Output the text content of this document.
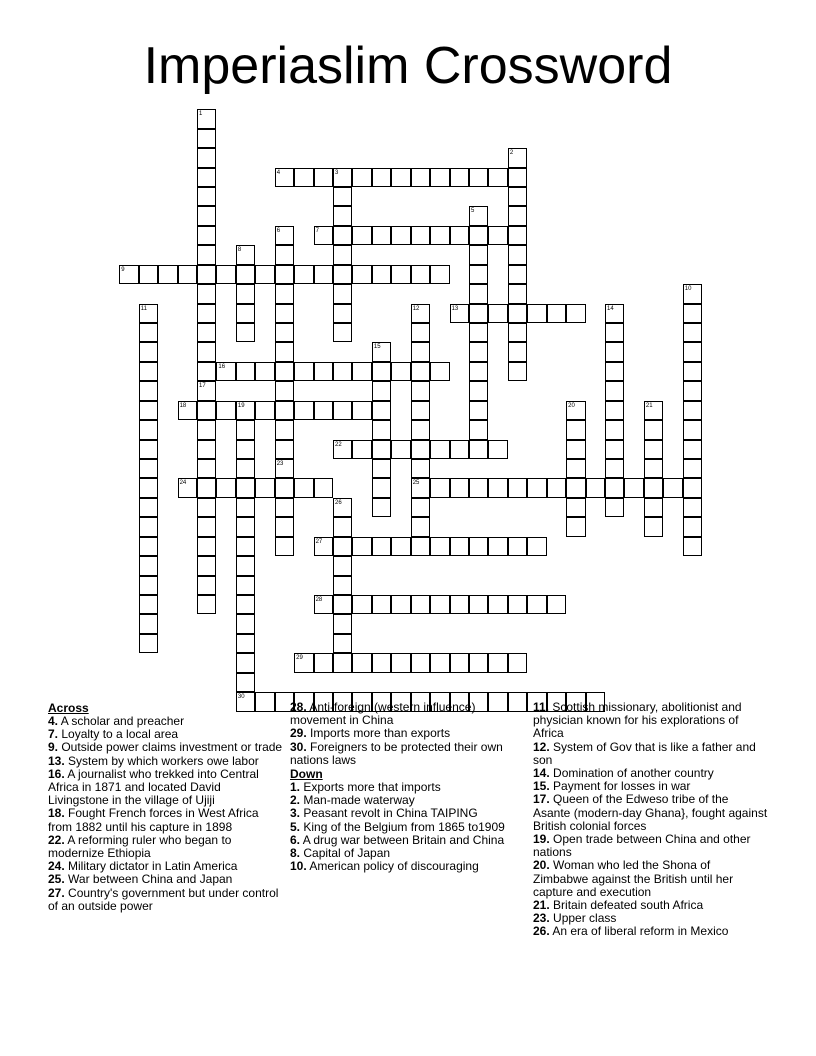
Imperiaslim Crossword
4
7
9
13
16
18
22
24	25
27
28
29
30
1
2
3
5
6
8
10
11	12	14
15
17
19	20	21
23
26
Across
4. A scholar and preacher
7. Loyalty to a local area
9. Outside power claims investment or trade
13. System by which workers owe labor
16. A journalist who trekked into Central Africa in 1871 and located David Livingstone in the village of Ujiji
18. Fought French forces in West Africa from 1882 until his capture in 1898
22. A reforming ruler who began to modernize Ethiopia
24. Military dictator in Latin America
25. War between China and Japan
27. Country's government but under control of an outside power
28. Anti-foreign (western influence) movement in China
29. Imports more than exports
30. Foreigners to be protected their own nations laws
Down
1. Exports more that imports
2. Man-made waterway
3. Peasant revolt in China TAIPING
5. King of the Belgium from 1865 to1909
6. A drug war between Britain and China
8. Capital of Japan
10. American policy of discouraging
11. Scottish missionary, abolitionist and physician known for his explorations of Africa
12. System of Gov that is like a father and son
14. Domination of another country
15. Payment for losses in war
17. Queen of the Edweso tribe of the Asante (modern-day Ghana}, fought against British colonial forces
19. Open trade between China and other nations
20. Woman who led the Shona of Zimbabwe against the British until her capture and execution
21. Britain defeated south Africa
23. Upper class
26. An era of liberal reform in Mexico
